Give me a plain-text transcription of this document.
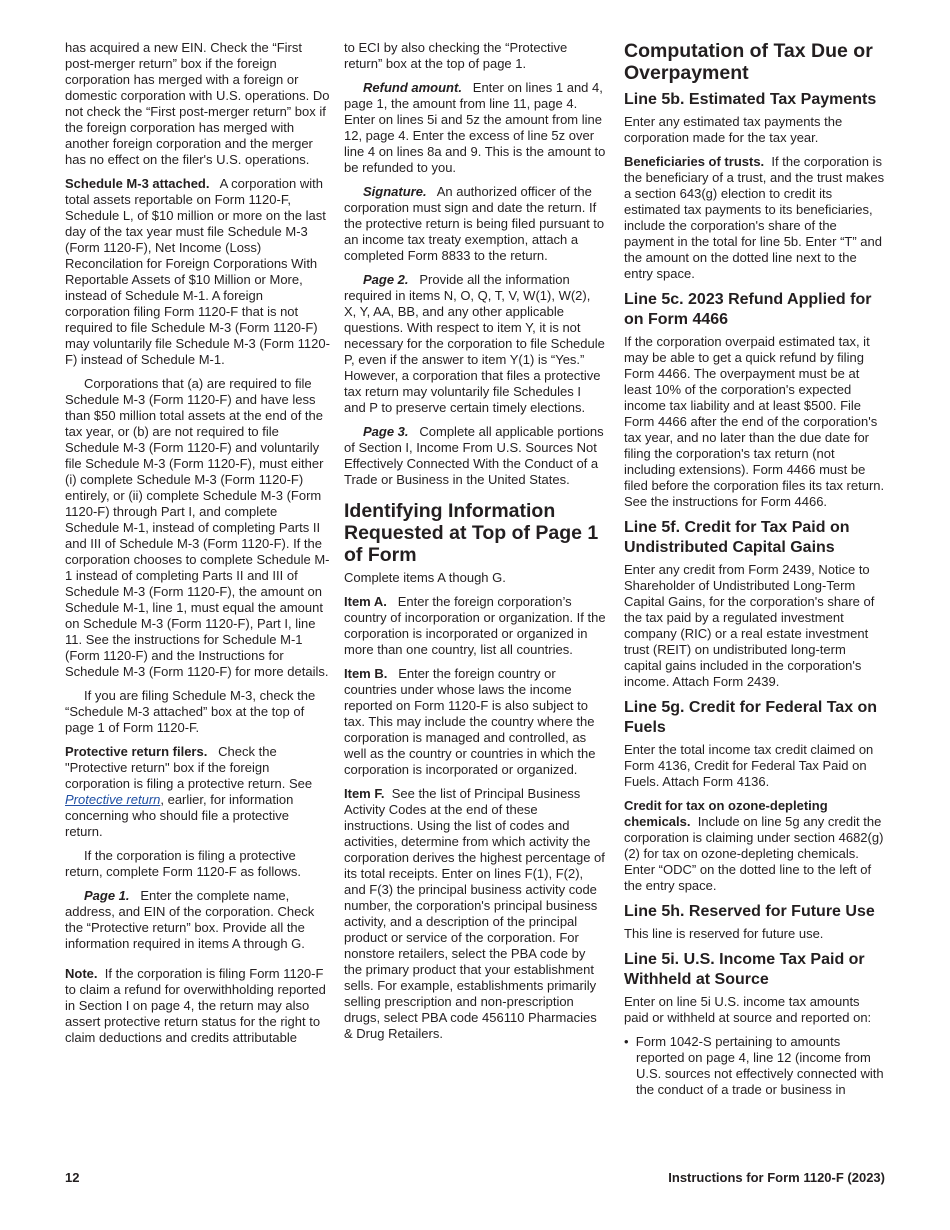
has acquired a new EIN. Check the “First post-merger return” box if the foreign corporation has merged with a foreign or domestic corporation with U.S. operations. Do not check the “First post-merger return” box if the foreign corporation has merged with another foreign corporation and the merger has no effect on the filer's U.S. operations.

Schedule M-3 attached. A corporation with total assets reportable on Form 1120-F, Schedule L, of $10 million or more on the last day of the tax year must file Schedule M-3 (Form 1120-F), Net Income (Loss) Reconcilation for Foreign Corporations With Reportable Assets of $10 Million or More, instead of Schedule M-1. A foreign corporation filing Form 1120-F that is not required to file Schedule M-3 (Form 1120-F) may voluntarily file Schedule M-3 (Form 1120-F) instead of Schedule M-1.

Corporations that (a) are required to file Schedule M-3 (Form 1120-F) and have less than $50 million total assets at the end of the tax year, or (b) are not required to file Schedule M-3 (Form 1120-F) and voluntarily file Schedule M-3 (Form 1120-F), must either (i) complete Schedule M-3 (Form 1120-F) entirely, or (ii) complete Schedule M-3 (Form 1120-F) through Part I, and complete Schedule M-1, instead of completing Parts II and III of Schedule M-3 (Form 1120-F). If the corporation chooses to complete Schedule M-1 instead of completing Parts II and III of Schedule M-3 (Form 1120-F), the amount on Schedule M-1, line 1, must equal the amount on Schedule M-3 (Form 1120-F), Part I, line 11. See the instructions for Schedule M-1 (Form 1120-F) and the Instructions for Schedule M-3 (Form 1120-F) for more details.

If you are filing Schedule M-3, check the “Schedule M-3 attached” box at the top of page 1 of Form 1120-F.

Protective return filers. Check the "Protective return" box if the foreign corporation is filing a protective return. See Protective return, earlier, for information concerning who should file a protective return.

If the corporation is filing a protective return, complete Form 1120-F as follows.

Page 1. Enter the complete name, address, and EIN of the corporation. Check the “Protective return” box. Provide all the information required in items A through G.

Note. If the corporation is filing Form 1120-F to claim a refund for overwithholding reported in Section I on page 4, the return may also assert protective return status for the right to claim deductions and credits attributable

to ECI by also checking the “Protective return” box at the top of page 1.

Refund amount. Enter on lines 1 and 4, page 1, the amount from line 11, page 4. Enter on lines 5i and 5z the amount from line 12, page 4. Enter the excess of line 5z over line 4 on lines 8a and 9. This is the amount to be refunded to you.

Signature. An authorized officer of the corporation must sign and date the return. If the protective return is being filed pursuant to an income tax treaty exemption, attach a completed Form 8833 to the return.

Page 2. Provide all the information required in items N, O, Q, T, V, W(1), W(2), X, Y, AA, BB, and any other applicable questions. With respect to item Y, it is not necessary for the corporation to file Schedule P, even if the answer to item Y(1) is “Yes.” However, a corporation that files a protective tax return may voluntarily file Schedules I and P to preserve certain timely elections.

Page 3. Complete all applicable portions of Section I, Income From U.S. Sources Not Effectively Connected With the Conduct of a Trade or Business in the United States.

Identifying Information Requested at Top of Page 1 of Form

Complete items A though G.

Item A. Enter the foreign corporation’s country of incorporation or organization. If the corporation is incorporated or organized in more than one country, list all countries.

Item B. Enter the foreign country or countries under whose laws the income reported on Form 1120-F is also subject to tax. This may include the country where the corporation is managed and controlled, as well as the country or countries in which the corporation is incorporated or organized.

Item F. See the list of Principal Business Activity Codes at the end of these instructions. Using the list of codes and activities, determine from which activity the corporation derives the highest percentage of its total receipts. Enter on lines F(1), F(2), and F(3) the principal business activity code number, the corporation's principal business activity, and a description of the principal product or service of the corporation. For nonstore retailers, select the PBA code by the primary product that your establishment sells. For example, establishments primarily selling prescription and non-prescription drugs, select PBA code 456110 Pharmacies & Drug Retailers.

Computation of Tax Due or Overpayment
Line 5b. Estimated Tax Payments

Enter any estimated tax payments the corporation made for the tax year.

Beneficiaries of trusts. If the corporation is the beneficiary of a trust, and the trust makes a section 643(g) election to credit its estimated tax payments to its beneficiaries, include the corporation's share of the payment in the total for line 5b. Enter “T” and the amount on the dotted line next to the entry space.

Line 5c. 2023 Refund Applied for on Form 4466

If the corporation overpaid estimated tax, it may be able to get a quick refund by filing Form 4466. The overpayment must be at least 10% of the corporation's expected income tax liability and at least $500. File Form 4466 after the end of the corporation's tax year, and no later than the due date for filing the corporation's tax return (not including extensions). Form 4466 must be filed before the corporation files its tax return. See the instructions for Form 4466.

Line 5f. Credit for Tax Paid on Undistributed Capital Gains

Enter any credit from Form 2439, Notice to Shareholder of Undistributed Long-Term Capital Gains, for the corporation's share of the tax paid by a regulated investment company (RIC) or a real estate investment trust (REIT) on undistributed long-term capital gains included in the corporation's income. Attach Form 2439.

Line 5g. Credit for Federal Tax on Fuels

Enter the total income tax credit claimed on Form 4136, Credit for Federal Tax Paid on Fuels. Attach Form 4136.

Credit for tax on ozone-depleting chemicals. Include on line 5g any credit the corporation is claiming under section 4682(g)(2) for tax on ozone-depleting chemicals. Enter “ODC” on the dotted line to the left of the entry space.

Line 5h. Reserved for Future Use

This line is reserved for future use.

Line 5i. U.S. Income Tax Paid or Withheld at Source

Enter on line 5i U.S. income tax amounts paid or withheld at source and reported on:

•  Form 1042-S pertaining to amounts reported on page 4, line 12 (income from U.S. sources not effectively connected with the conduct of a trade or business in

12	Instructions for Form 1120-F (2023)
